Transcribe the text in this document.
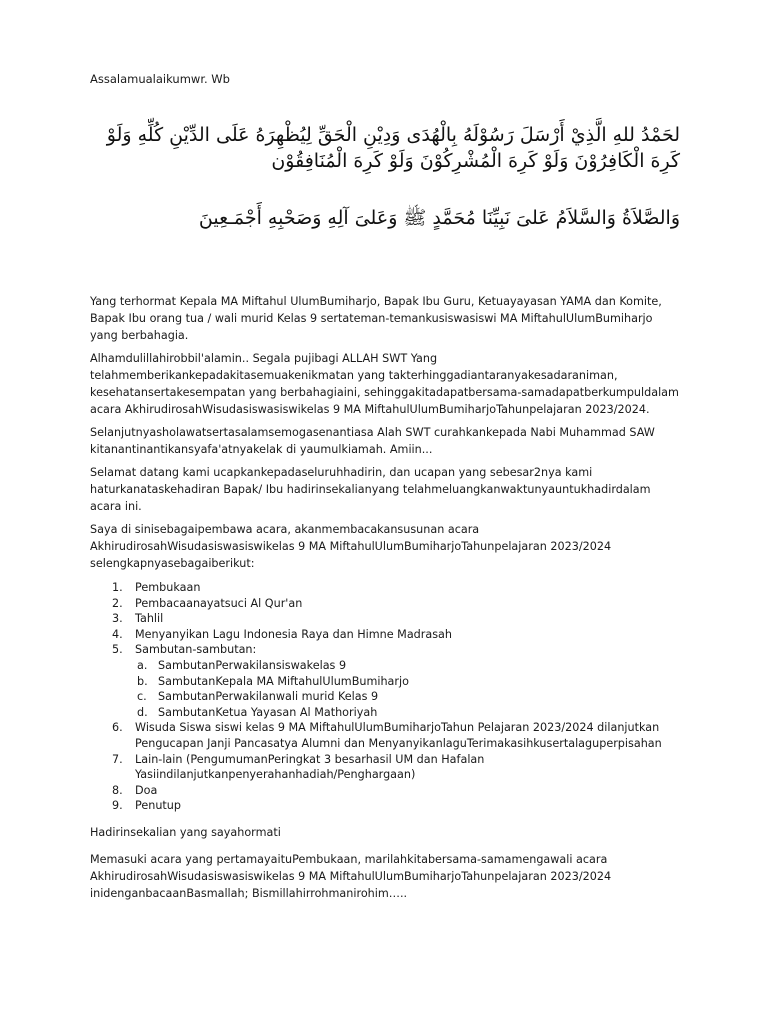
Assalamualaikumwr. Wb
لحَمْدُ للهِ الَّذِيْ أَرْسَلَ رَسُوْلَهُ بِالْهُدَى وَدِيْنِ الْحَقِّ لِيُظْهِرَهُ عَلَى الدِّيْنِ كُلِّهِ وَلَوْ كَرِهَ الْكَافِرُوْنَ وَلَوْ كَرِهَ الْمُشْرِكُوْنَ وَلَوْ كَرِهَ الْمُنَافِقُوْن
وَالصَّلاَةُ وَالسَّلاَمُ عَلىَ نَبِيِّنَا مُحَمَّدٍ ﷺ وَعَلىَ آلِهِ وَصَحْبِهِ أَجْمَـعِينَ
Yang terhormat Kepala MA Miftahul UlumBumiharjo, Bapak Ibu Guru, Ketuayayasan YAMA dan Komite, Bapak Ibu orang tua / wali murid Kelas 9 sertateman-temankusiswasiswi MA MiftahulUlumBumiharjo yang berbahagia.
Alhamdulillahirobbil'alamin.. Segala pujibagi ALLAH SWT Yang telahmemberikankepadakitasemuakenikmatan yang takterhinggadiantaranyakesadaraniman, kesehatansertakesempatan yang berbahagiaini, sehinggakitadapatbersama-samadapatberkumpuldalam acara AkhirudirosahWisudasiswasiswikelas 9 MA MiftahulUlumBumiharjoTahunpelajaran 2023/2024.
Selanjutnyasholawatsertasalamsemogasenantiasa Alah SWT curahkankepada Nabi Muhammad SAW kitanantinantikansyafa'atnyakelak di yaumulkiamah. Amiin...
Selamat datang kami ucapkankepadaseluruhhadirin, dan ucapan yang sebesar2nya kami haturkanataskehadiran Bapak/ Ibu hadirinsekalianyang telahmeluangkanwaktunyauntukhadirdalam acara ini.
Saya di sinisebagaipembawa acara, akanmembacakansusunan acara AkhirudirosahWisudasiswasiswikelas 9 MA MiftahulUlumBumiharjoTahunpelajaran 2023/2024 selengkapnyasebagaiberikut:
1. Pembukaan
2. Pembacaanayatsuci Al Qur'an
3. Tahlil
4. Menyanyikan Lagu Indonesia Raya dan Himne Madrasah
5. Sambutan-sambutan:
a. SambutanPerwakilansiswakelas 9
b. SambutanKepala MA MiftahulUlumBumiharjo
c. SambutanPerwakilanwali murid Kelas 9
d. SambutanKetua Yayasan Al Mathoriyah
6. Wisuda Siswa siswi kelas 9 MA MiftahulUlumBumiharjoTahun Pelajaran 2023/2024 dilanjutkan Pengucapan Janji Pancasatya Alumni dan MenyanyikanlaguTerimakasihkusertalaguperpisahan
7. Lain-lain (PengumumanPeringkat 3 besarhasil UM dan Hafalan Yasiindilanjutkanpenyerahanhadiah/Penghargaan)
8. Doa
9. Penutup
Hadirinsekalian yang sayahormati
Memasuki acara yang pertamayaituPembukaan, marilahkitabersama-samamengawali acara AkhirudirosahWisudasiswasiswikelas 9 MA MiftahulUlumBumiharjoTahunpelajaran 2023/2024 inidenganbacaanBasmallah; Bismillahirrohmanirohim…..
